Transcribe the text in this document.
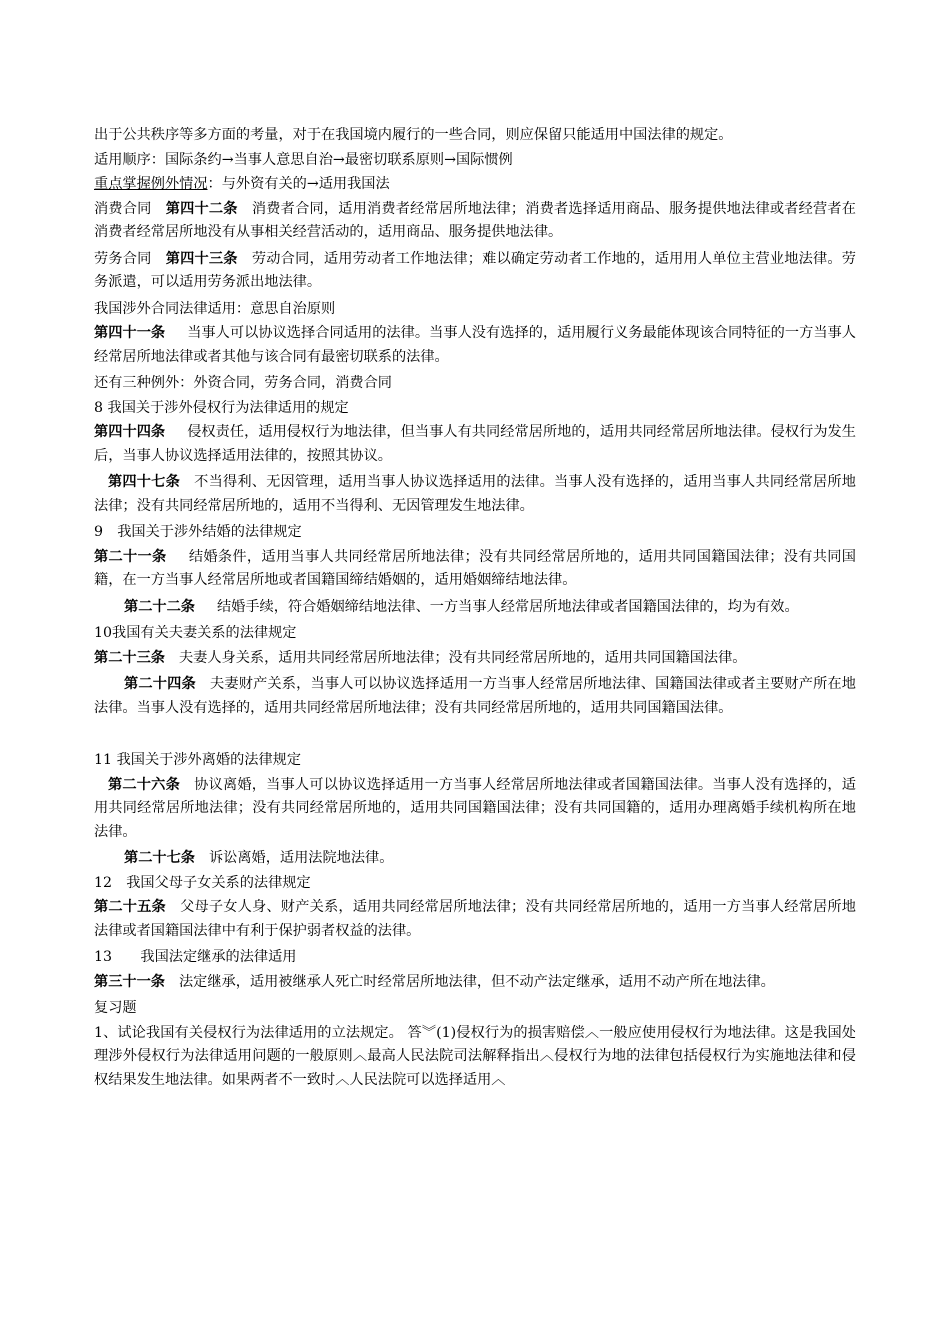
出于公共秩序等多方面的考量，对于在我国境内履行的一些合同，则应保留只能适用中国法律的规定。

适用顺序：国际条约→当事人意思自治→最密切联系原则→国际惯例

重点掌握例外情况：与外资有关的→适用我国法

消费合同 第四十二条 消费者合同，适用消费者经常居所地法律；消费者选择适用商品、服务提供地法律或者经营者在消费者经常居所地没有从事相关经营活动的，适用商品、服务提供地法律。

劳务合同 第四十三条 劳动合同，适用劳动者工作地法律；难以确定劳动者工作地的，适用用人单位主营业地法律。劳务派遣，可以适用劳务派出地法律。

我国涉外合同法律适用：意思自治原则

第四十一条 当事人可以协议选择合同适用的法律。当事人没有选择的，适用履行义务最能体现该合同特征的一方当事人经常居所地法律或者其他与该合同有最密切联系的法律。

还有三种例外：外资合同，劳务合同，消费合同

8 我国关于涉外侵权行为法律适用的规定

第四十四条 侵权责任，适用侵权行为地法律，但当事人有共同经常居所地的，适用共同经常居所地法律。侵权行为发生后，当事人协议选择适用法律的，按照其协议。

第四十七条 不当得利、无因管理，适用当事人协议选择适用的法律。当事人没有选择的，适用当事人共同经常居所地法律；没有共同经常居所地的，适用不当得利、无因管理发生地法律。

9　我国关于涉外结婚的法律规定

第二十一条 结婚条件，适用当事人共同经常居所地法律；没有共同经常居所地的，适用共同国籍国法律；没有共同国籍，在一方当事人经常居所地或者国籍国缔结婚姻的，适用婚姻缔结地法律。

第二十二条 结婚手续，符合婚姻缔结地法律、一方当事人经常居所地法律或者国籍国法律的，均为有效。

10我国有关夫妻关系的法律规定

第二十三条 夫妻人身关系，适用共同经常居所地法律；没有共同经常居所地的，适用共同国籍国法律。

第二十四条 夫妻财产关系，当事人可以协议选择适用一方当事人经常居所地法律、国籍国法律或者主要财产所在地法律。当事人没有选择的，适用共同经常居所地法律；没有共同经常居所地的，适用共同国籍国法律。

11 我国关于涉外离婚的法律规定

第二十六条 协议离婚，当事人可以协议选择适用一方当事人经常居所地法律或者国籍国法律。当事人没有选择的，适用共同经常居所地法律；没有共同经常居所地的，适用共同国籍国法律；没有共同国籍的，适用办理离婚手续机构所在地法律。

第二十七条 诉讼离婚，适用法院地法律。

12　我国父母子女关系的法律规定

第二十五条 父母子女人身、财产关系，适用共同经常居所地法律；没有共同经常居所地的，适用一方当事人经常居所地法律或者国籍国法律中有利于保护弱者权益的法律。

13　　我国法定继承的法律适用

第三十一条 法定继承，适用被继承人死亡时经常居所地法律，但不动产法定继承，适用不动产所在地法律。

复习题

1、试论我国有关侵权行为法律适用的立法规定。 答︾(1)侵权行为的损害赔偿︿一般应使用侵权行为地法律。这是我国处理涉外侵权行为法律适用问题的一般原则︿最高人民法院司法解释指出︿侵权行为地的法律包括侵权行为实施地法律和侵权结果发生地法律。如果两者不一致时︿人民法院可以选择适用︿
